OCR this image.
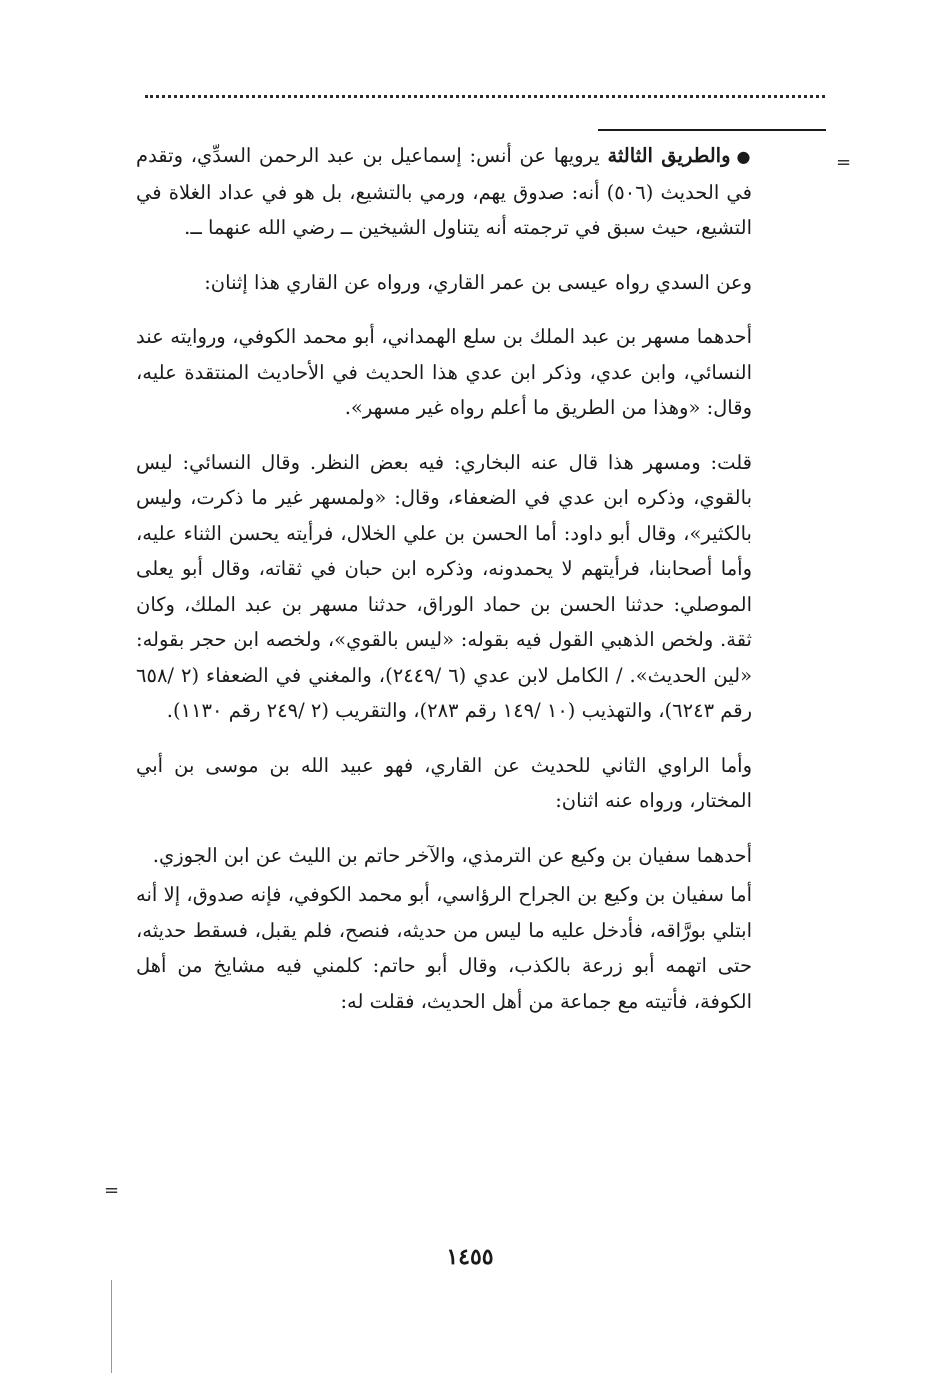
=
=

●والطريق الثالثة يرويها عن أنس: إسماعيل بن عبد الرحمن السدِّي، وتقدم في الحديث (٥٠٦) أنه: صدوق يهم، ورمي بالتشيع، بل هو في عداد الغلاة في التشيع، حيث سبق في ترجمته أنه يتناول الشيخين ــ رضي الله عنهما ــ.

وعن السدي رواه عيسى بن عمر القاري، ورواه عن القاري هذا إثنان:

أحدهما مسهر بن عبد الملك بن سلع الهمداني، أبو محمد الكوفي، وروايته عند النسائي، وابن عدي، وذكر ابن عدي هذا الحديث في الأحاديث المنتقدة عليه، وقال: «وهذا من الطريق ما أعلم رواه غير مسهر».

قلت: ومسهر هذا قال عنه البخاري: فيه بعض النظر. وقال النسائي: ليس بالقوي، وذكره ابن عدي في الضعفاء، وقال: «ولمسهر غير ما ذكرت، وليس بالكثير»، وقال أبو داود: أما الحسن بن علي الخلال، فرأيته يحسن الثناء عليه، وأما أصحابنا، فرأيتهم لا يحمدونه، وذكره ابن حبان في ثقاته، وقال أبو يعلى الموصلي: حدثنا الحسن بن حماد الوراق، حدثنا مسهر بن عبد الملك، وكان ثقة. ولخص الذهبي القول فيه بقوله: «ليس بالقوي»، ولخصه ابن حجر بقوله: «لين الحديث». / الكامل لابن عدي (٦ /٢٤٤٩)، والمغني في الضعفاء (٢ /٦٥٨ رقم ٦٢٤٣)، والتهذيب (١٠ /١٤٩ رقم ٢٨٣)، والتقريب (٢ /٢٤٩ رقم ١١٣٠).

وأما الراوي الثاني للحديث عن القاري، فهو عبيد الله بن موسى بن أبي المختار، ورواه عنه اثنان:

أحدهما سفيان بن وكيع عن الترمذي، والآخر حاتم بن الليث عن ابن الجوزي.

أما سفيان بن وكيع بن الجراح الرؤاسي، أبو محمد الكوفي، فإنه صدوق، إلا أنه ابتلي بورَّاقه، فأدخل عليه ما ليس من حديثه، فنصح، فلم يقبل، فسقط حديثه، حتى اتهمه أبو زرعة بالكذب، وقال أبو حاتم: كلمني فيه مشايخ من أهل الكوفة، فأتيته مع جماعة من أهل الحديث، فقلت له:

١٤٥٥
